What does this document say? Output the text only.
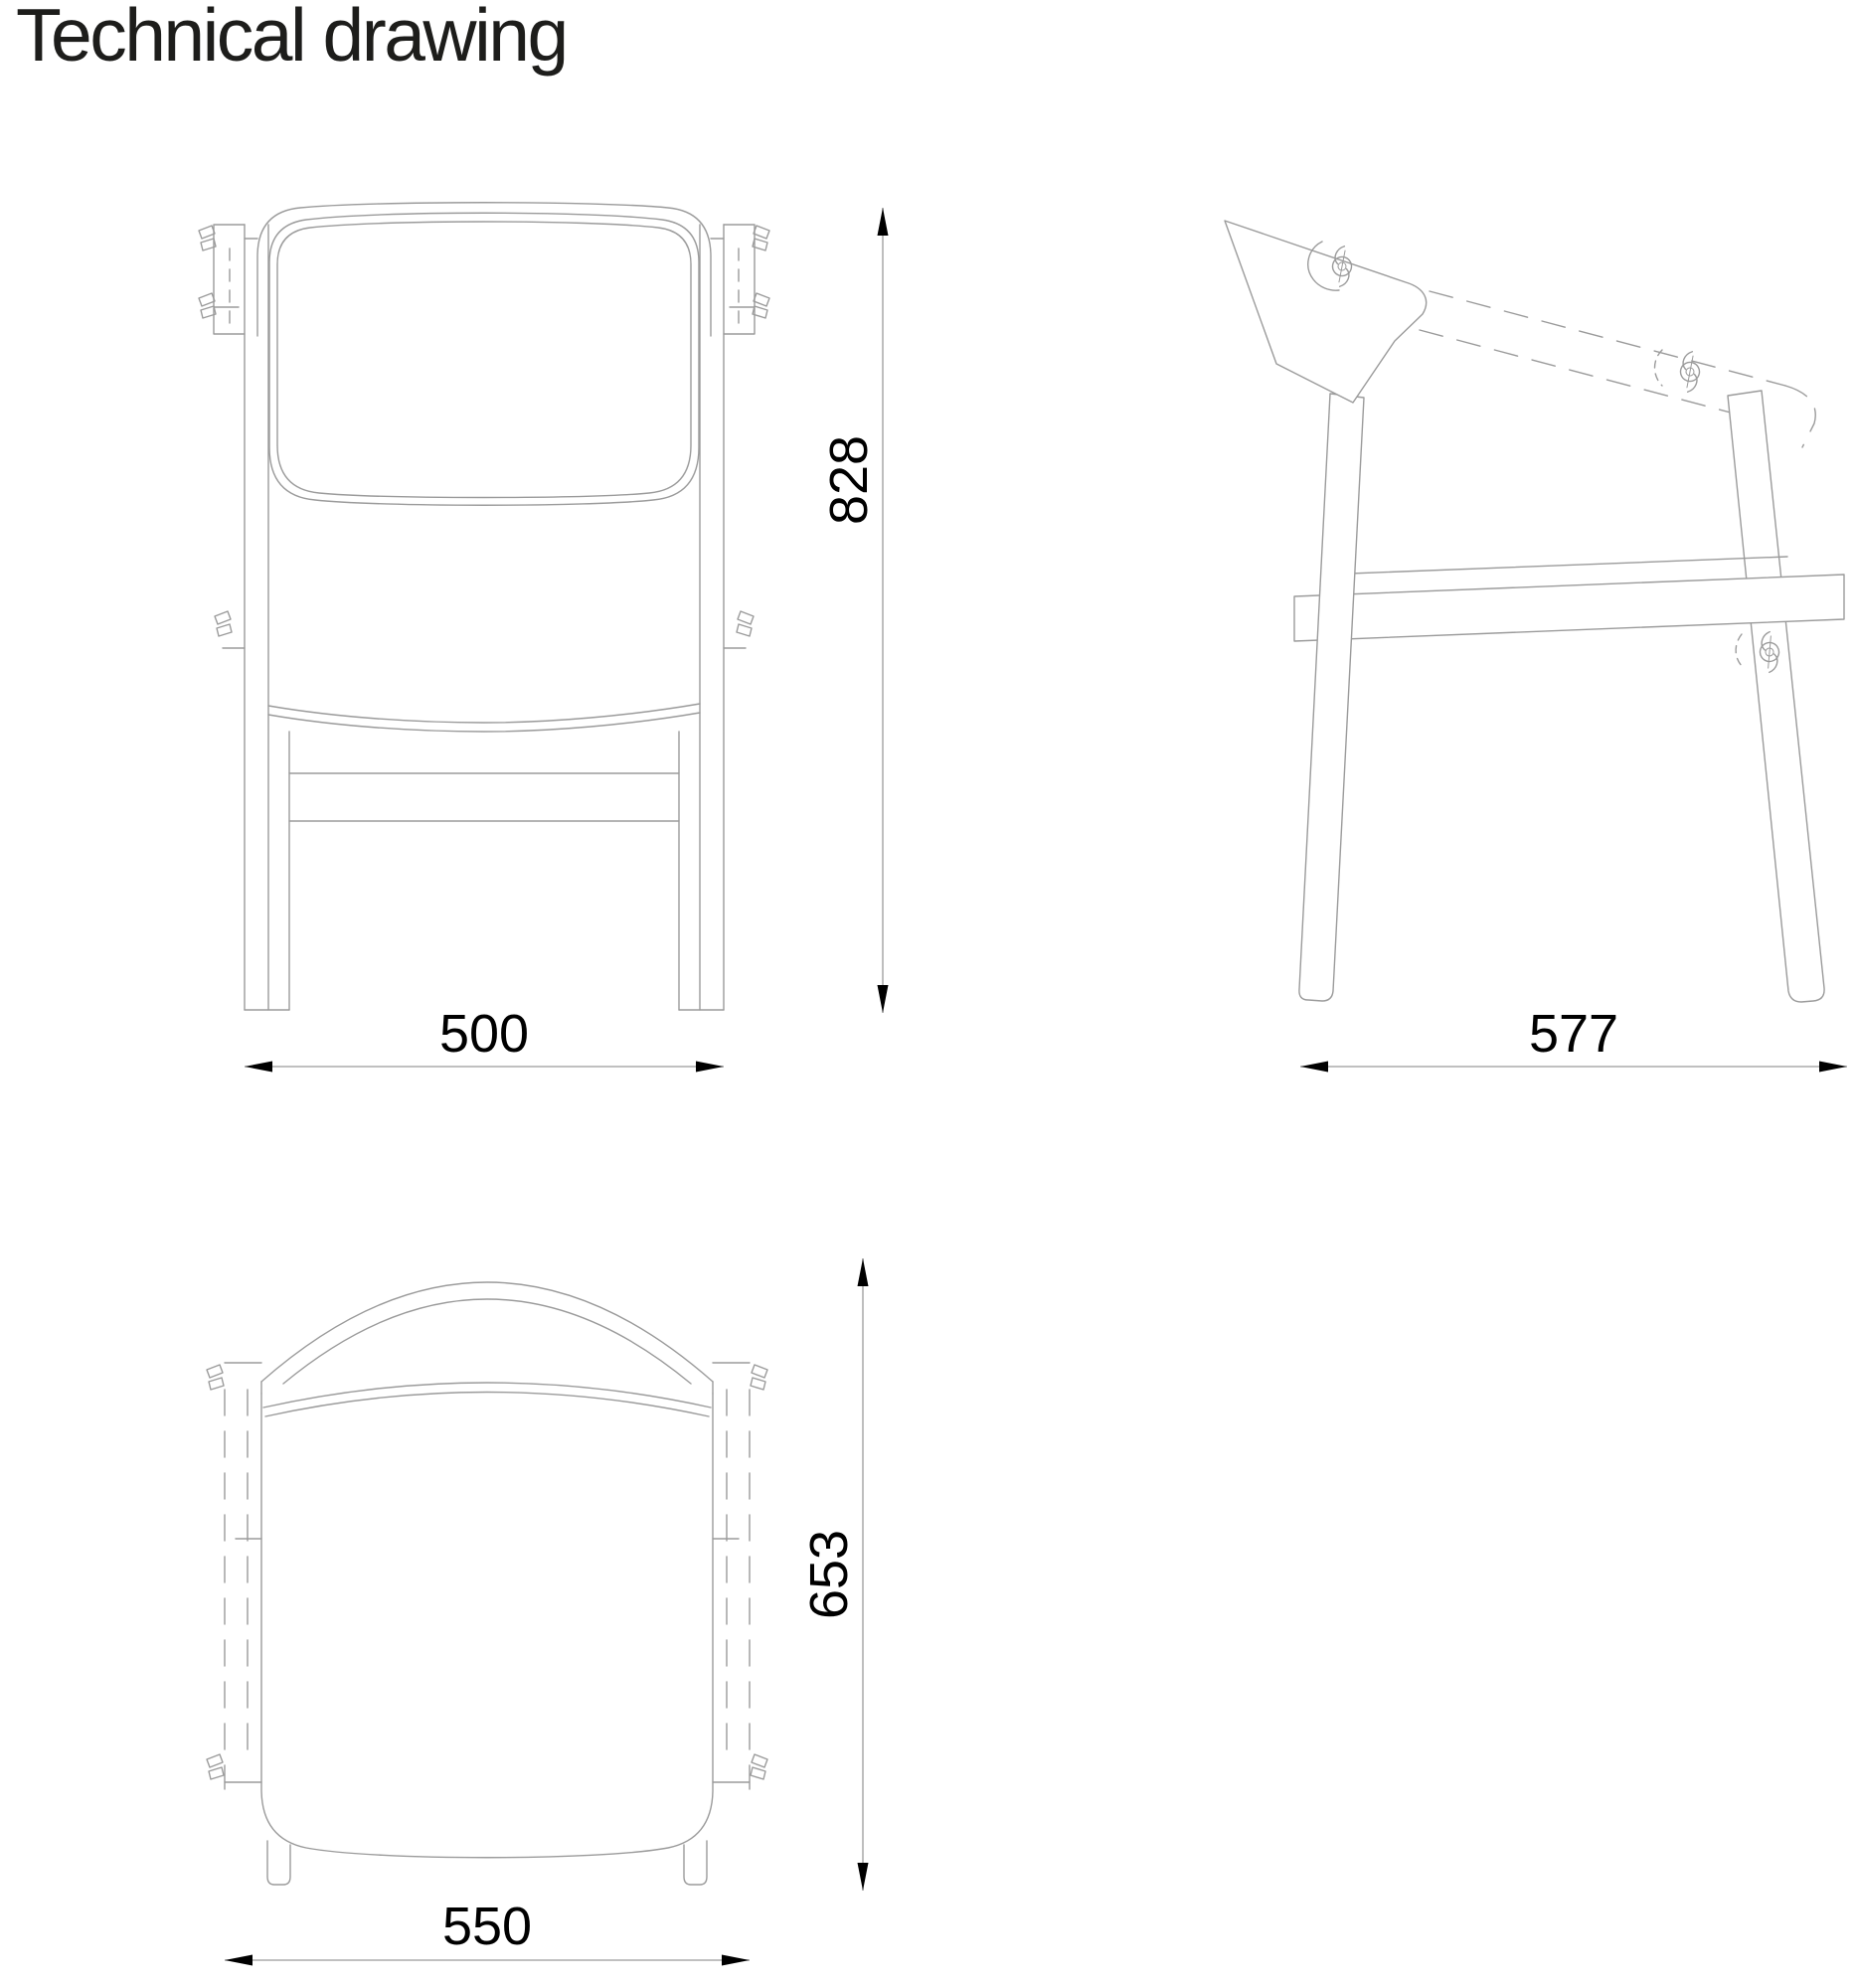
Technical drawing
500
828
577
653
550
